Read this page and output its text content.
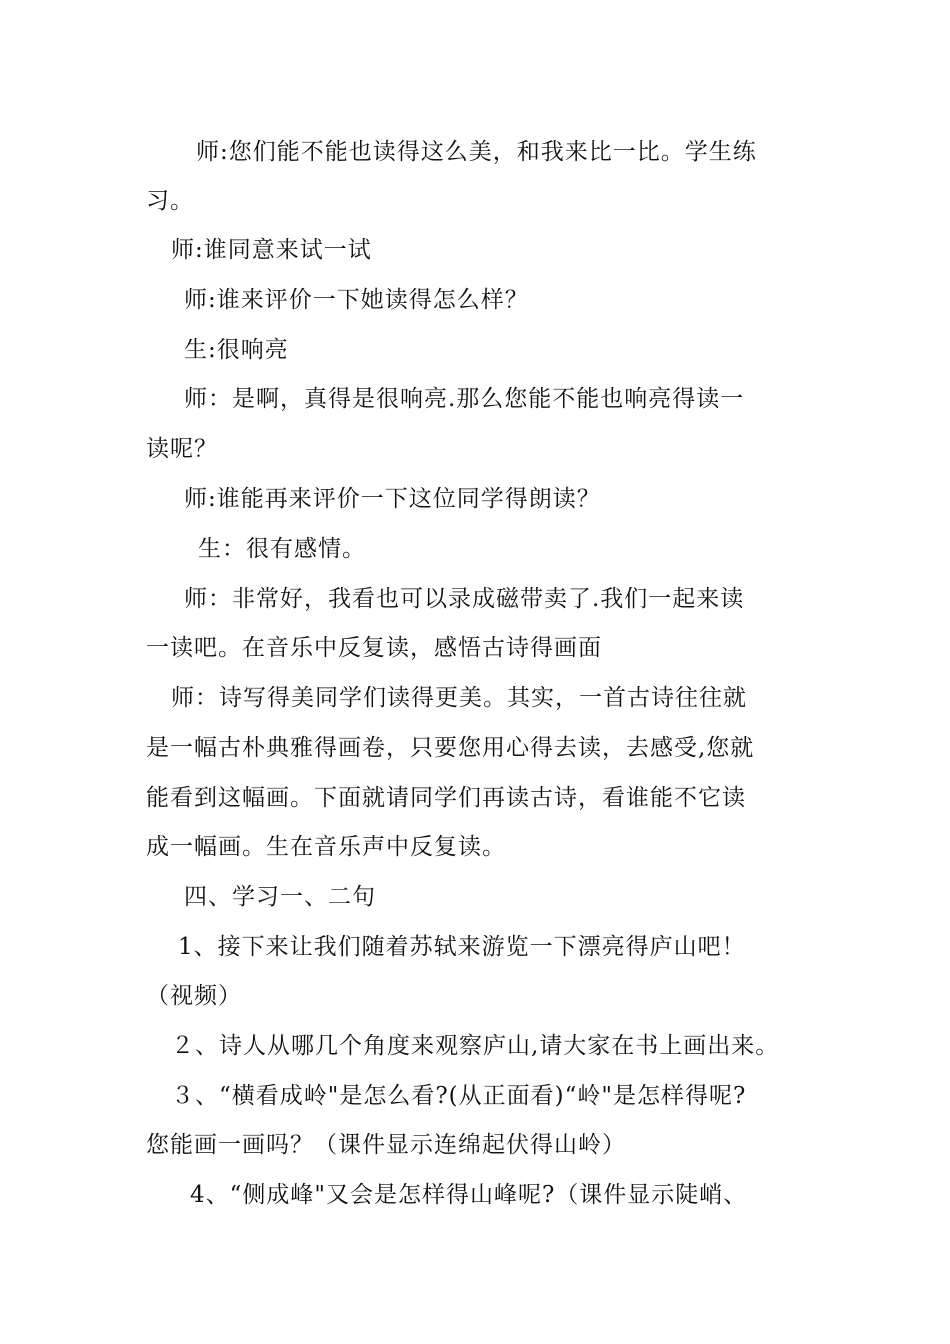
师:您们能不能也读得这么美，和我来比一比。学生练
习。
师:谁同意来试一试
师:谁来评价一下她读得怎么样？
生:很响亮
师：是啊，真得是很响亮.那么您能不能也响亮得读一
读呢？
师:谁能再来评价一下这位同学得朗读？
生：很有感情。
师：非常好，我看也可以录成磁带卖了.我们一起来读
一读吧。在音乐中反复读，感悟古诗得画面
师：诗写得美同学们读得更美。其实，一首古诗往往就
是一幅古朴典雅得画卷，只要您用心得去读，去感受,您就
能看到这幅画。下面就请同学们再读古诗，看谁能不它读
成一幅画。生在音乐声中反复读。
四、学习一、二句
1、接下来让我们随着苏轼来游览一下漂亮得庐山吧！
（视频）
２、诗人从哪几个角度来观察庐山,请大家在书上画出来。
３、“横看成岭"是怎么看?(从正面看)“岭"是怎样得呢?
您能画一画吗？（课件显示连绵起伏得山岭）
4、“侧成峰"又会是怎样得山峰呢?（课件显示陡峭、
